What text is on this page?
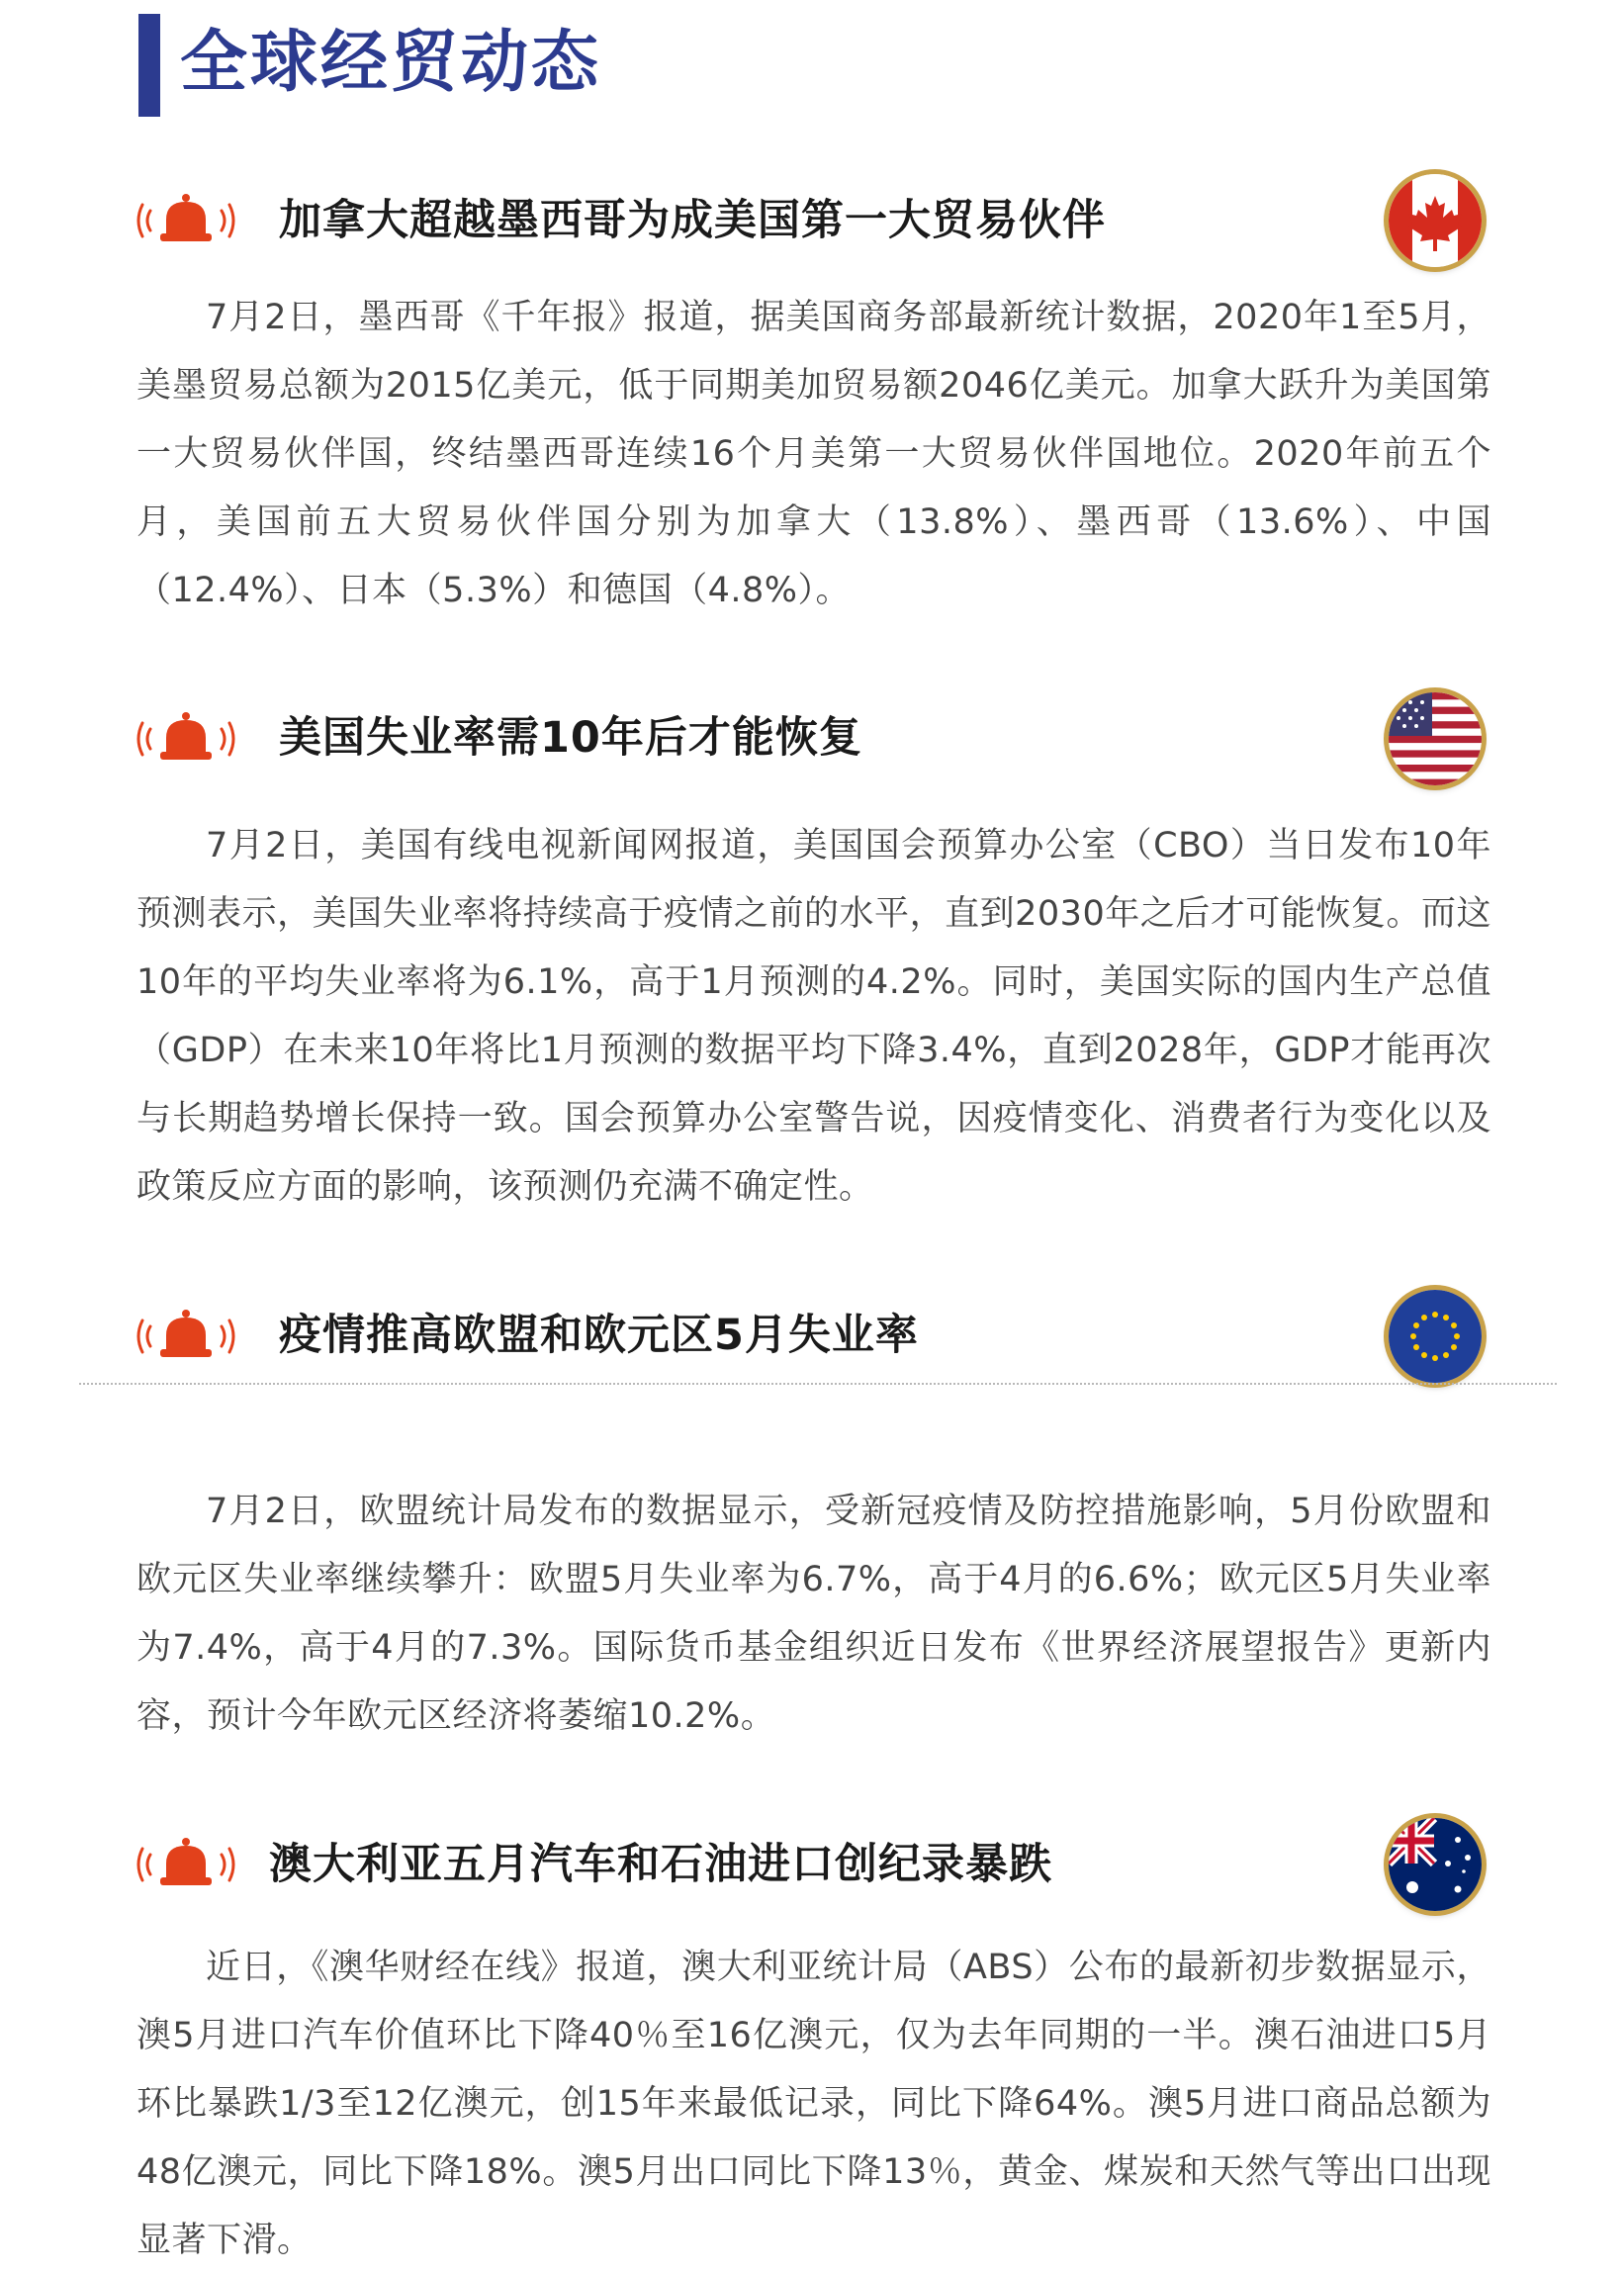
全球经贸动态
加拿大超越墨西哥为成美国第一大贸易伙伴
7月2日，墨西哥《千年报》报道，据美国商务部最新统计数据，2020年1至5月，美墨贸易总额为2015亿美元，低于同期美加贸易额2046亿美元。加拿大跃升为美国第一大贸易伙伴国，终结墨西哥连续16个月美第一大贸易伙伴国地位。2020年前五个月，美国前五大贸易伙伴国分别为加拿大（13.8%）、墨西哥（13.6%）、中国（12.4%）、日本（5.3%）和德国（4.8%）。
美国失业率需10年后才能恢复
7月2日，美国有线电视新闻网报道，美国国会预算办公室（CBO）当日发布10年预测表示，美国失业率将持续高于疫情之前的水平，直到2030年之后才可能恢复。而这10年的平均失业率将为6.1%，高于1月预测的4.2%。同时，美国实际的国内生产总值（GDP）在未来10年将比1月预测的数据平均下降3.4%，直到2028年，GDP才能再次与长期趋势增长保持一致。国会预算办公室警告说，因疫情变化、消费者行为变化以及政策反应方面的影响，该预测仍充满不确定性。
疫情推高欧盟和欧元区5月失业率
7月2日，欧盟统计局发布的数据显示，受新冠疫情及防控措施影响，5月份欧盟和欧元区失业率继续攀升：欧盟5月失业率为6.7%，高于4月的6.6%；欧元区5月失业率为7.4%，高于4月的7.3%。国际货币基金组织近日发布《世界经济展望报告》更新内容，预计今年欧元区经济将萎缩10.2%。
澳大利亚五月汽车和石油进口创纪录暴跌
近日，《澳华财经在线》报道，澳大利亚统计局（ABS）公布的最新初步数据显示，澳5月进口汽车价值环比下降40％至16亿澳元，仅为去年同期的一半。澳石油进口5月环比暴跌1/3至12亿澳元，创15年来最低记录，同比下降64%。澳5月进口商品总额为48亿澳元，同比下降18%。澳5月出口同比下降13％，黄金、煤炭和天然气等出口出现显著下滑。
